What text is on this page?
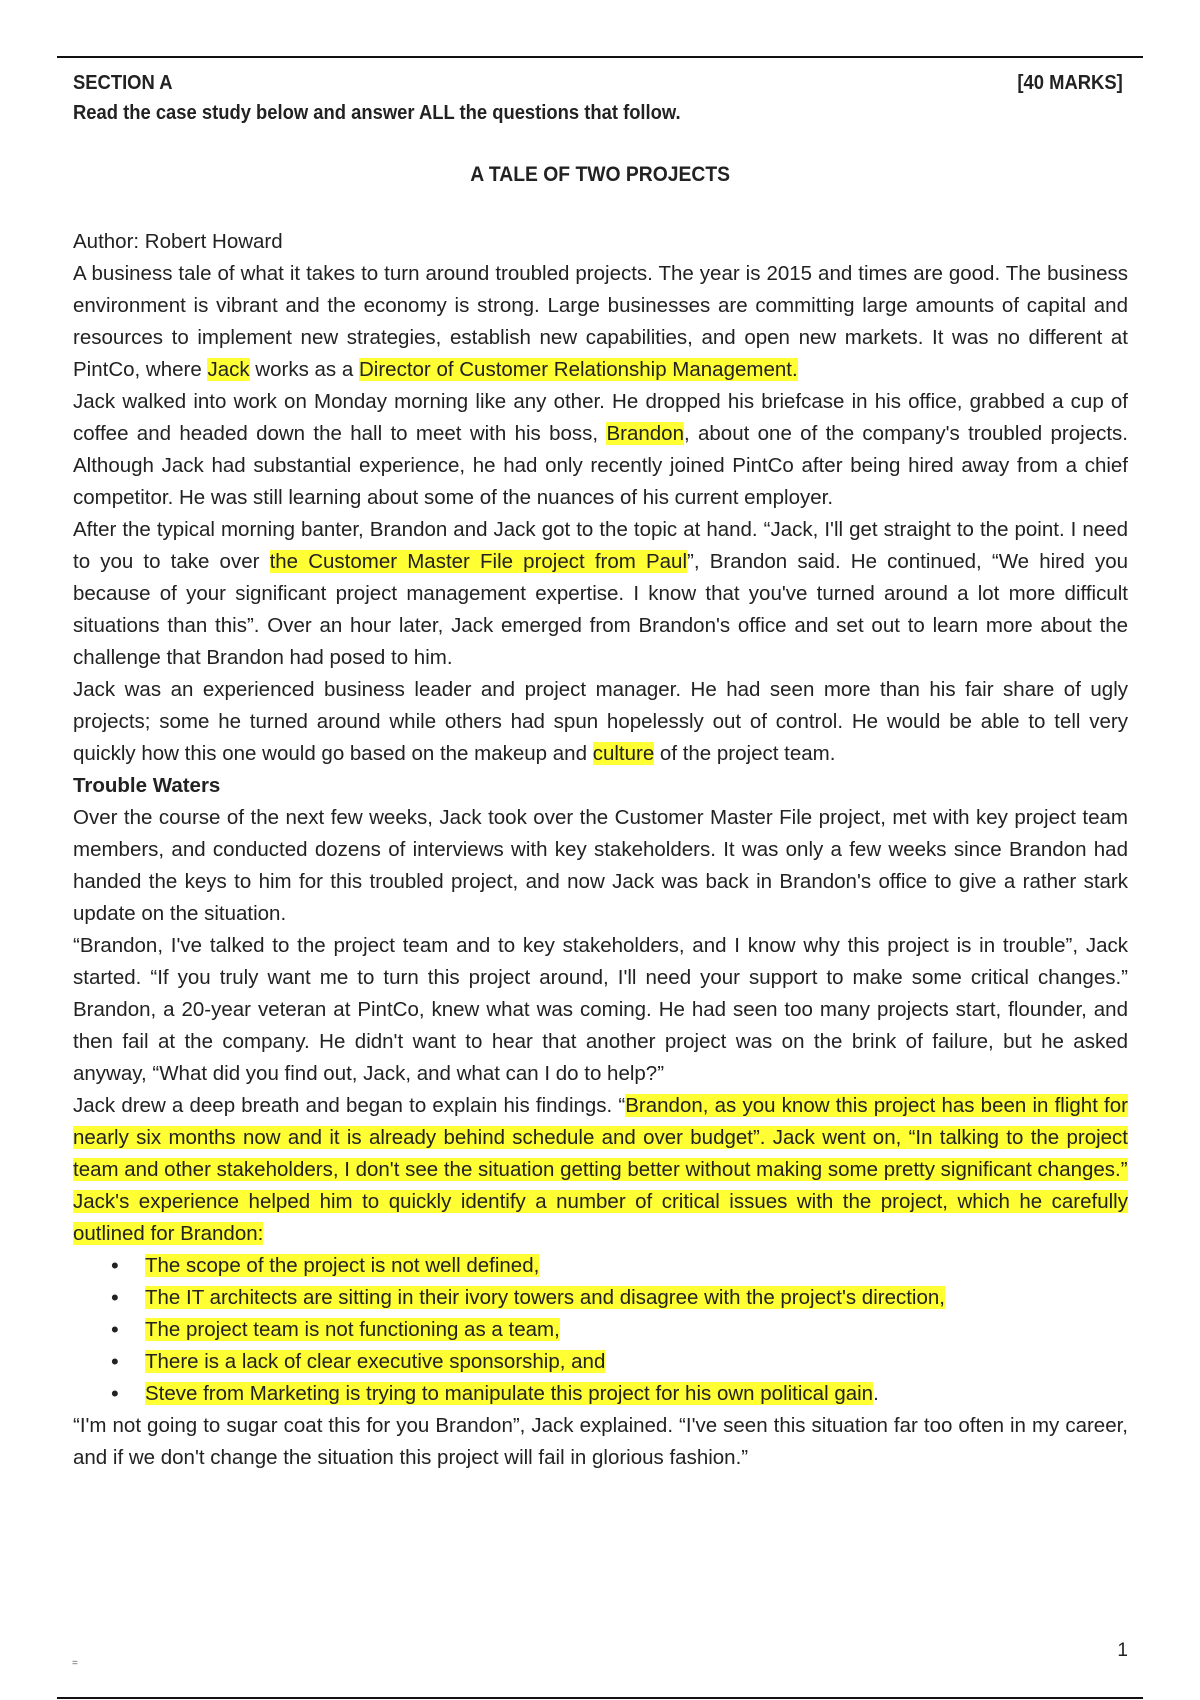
SECTION A	[40 MARKS]
Read the case study below and answer ALL the questions that follow.
A TALE OF TWO PROJECTS

Author: Robert Howard

A business tale of what it takes to turn around troubled projects. The year is 2015 and times are good. The business environment is vibrant and the economy is strong. Large businesses are committing large amounts of capital and resources to implement new strategies, establish new capabilities, and open new markets. It was no different at PintCo, where Jack works as a Director of Customer Relationship Management.

Jack walked into work on Monday morning like any other. He dropped his briefcase in his office, grabbed a cup of coffee and headed down the hall to meet with his boss, Brandon, about one of the company's troubled projects. Although Jack had substantial experience, he had only recently joined PintCo after being hired away from a chief competitor. He was still learning about some of the nuances of his current employer.

After the typical morning banter, Brandon and Jack got to the topic at hand. “Jack, I'll get straight to the point. I need to you to take over the Customer Master File project from Paul”, Brandon said. He continued, “We hired you because of your significant project management expertise. I know that you've turned around a lot more difficult situations than this”. Over an hour later, Jack emerged from Brandon's office and set out to learn more about the challenge that Brandon had posed to him.

Jack was an experienced business leader and project manager. He had seen more than his fair share of ugly projects; some he turned around while others had spun hopelessly out of control. He would be able to tell very quickly how this one would go based on the makeup and culture of the project team.

Trouble Waters

Over the course of the next few weeks, Jack took over the Customer Master File project, met with key project team members, and conducted dozens of interviews with key stakeholders. It was only a few weeks since Brandon had handed the keys to him for this troubled project, and now Jack was back in Brandon's office to give a rather stark update on the situation.

“Brandon, I've talked to the project team and to key stakeholders, and I know why this project is in trouble”, Jack started. “If you truly want me to turn this project around, I'll need your support to make some critical changes.” Brandon, a 20-year veteran at PintCo, knew what was coming. He had seen too many projects start, flounder, and then fail at the company. He didn't want to hear that another project was on the brink of failure, but he asked anyway, “What did you find out, Jack, and what can I do to help?”

Jack drew a deep breath and began to explain his findings. “Brandon, as you know this project has been in flight for nearly six months now and it is already behind schedule and over budget”. Jack went on, “In talking to the project team and other stakeholders, I don't see the situation getting better without making some pretty significant changes.”

Jack's experience helped him to quickly identify a number of critical issues with the project, which he carefully outlined for Brandon:

• The scope of the project is not well defined,
• The IT architects are sitting in their ivory towers and disagree with the project's direction,
• The project team is not functioning as a team,
• There is a lack of clear executive sponsorship, and
• Steve from Marketing is trying to manipulate this project for his own political gain.

“I'm not going to sugar coat this for you Brandon”, Jack explained. “I've seen this situation far too often in my career, and if we don't change the situation this project will fail in glorious fashion.”

1
=
